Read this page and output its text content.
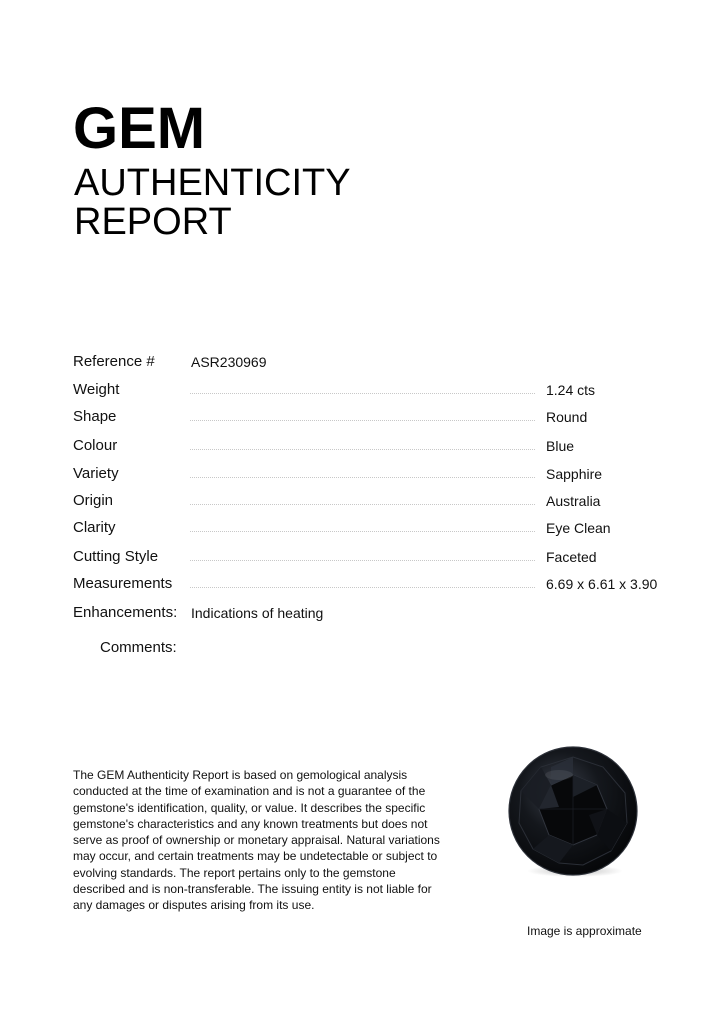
GEM
AUTHENTICITY
REPORT
Reference #	ASR230969
Weight	1.24 cts
Shape	Round
Colour	Blue
Variety	Sapphire
Origin	Australia
Clarity	Eye Clean
Cutting Style	Faceted
Measurements	6.69 x 6.61 x 3.90
Enhancements: Indications of heating
Comments:
The GEM Authenticity Report is based on gemological analysis conducted at the time of examination and is not a guarantee of the gemstone's identification, quality, or value. It describes the specific gemstone's characteristics and any known treatments but does not serve as proof of ownership or monetary appraisal. Natural variations may occur, and certain treatments may be undetectable or subject to evolving standards. The report pertains only to the gemstone described and is non-transferable. The issuing entity is not liable for any damages or disputes arising from its use.
Image is approximate
